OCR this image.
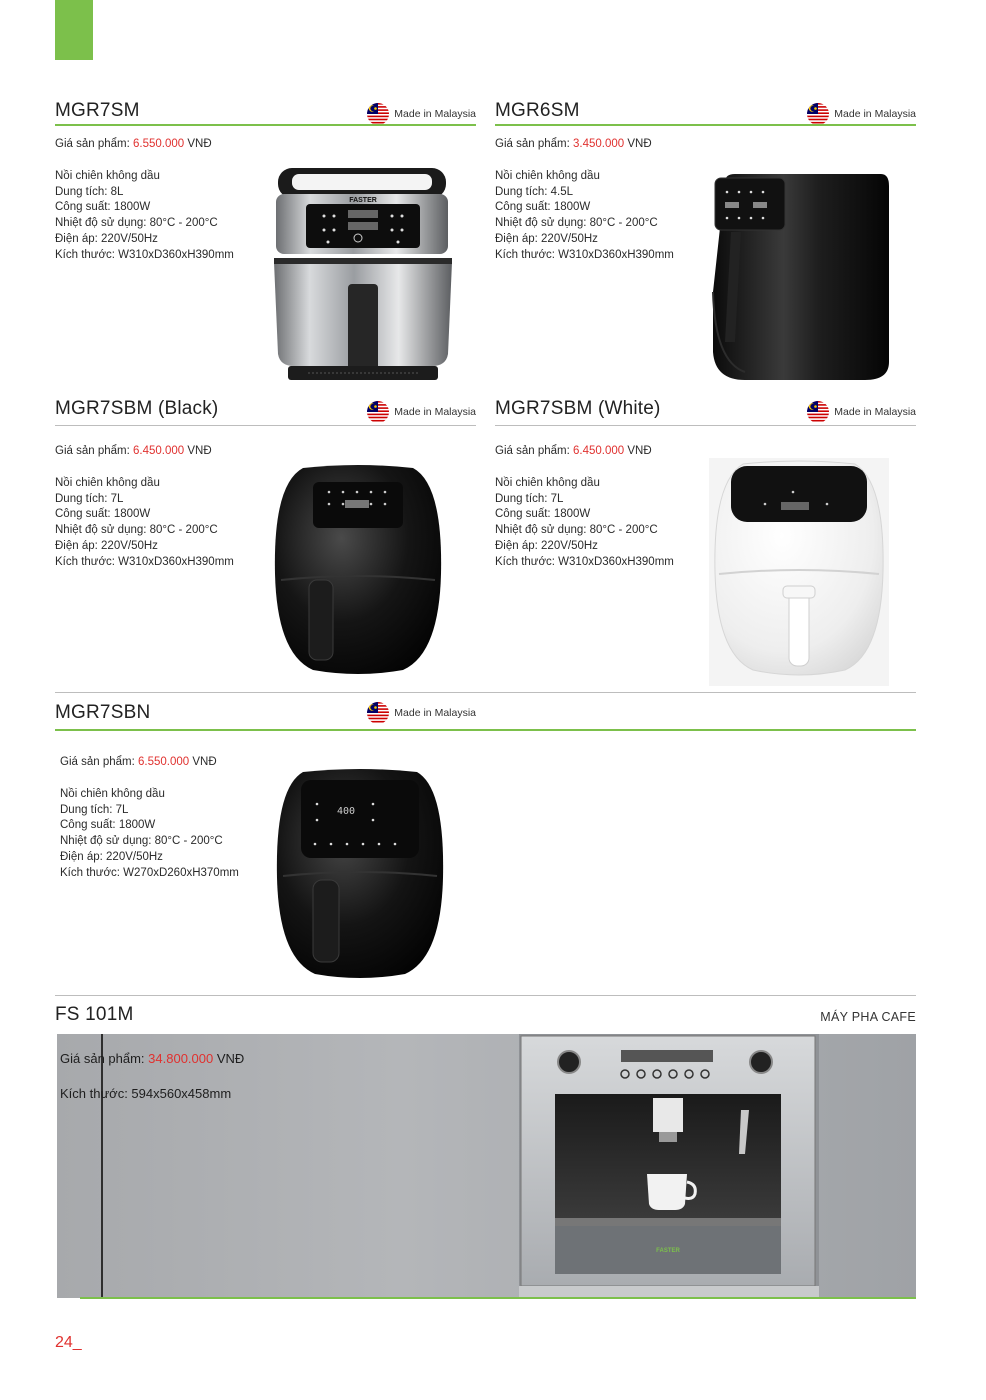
MGR7SM	Made in Malaysia
Giá sản phẩm: 6.550.000 VNĐ
Nồi chiên không dầu
Dung tích: 8L
Công suất: 1800W
Nhiệt độ sử dụng: 80°C - 200°C
Điện áp: 220V/50Hz
Kích thước: W310xD360xH390mm
FASTER
MGR6SM	Made in Malaysia
Giá sản phẩm: 3.450.000 VNĐ
Nồi chiên không dầu
Dung tích: 4.5L
Công suất: 1800W
Nhiệt độ sử dụng: 80°C - 200°C
Điện áp: 220V/50Hz
Kích thước: W310xD360xH390mm
MGR7SBM (Black)	Made in Malaysia
Giá sản phẩm: 6.450.000 VNĐ
Nồi chiên không dầu
Dung tích: 7L
Công suất: 1800W
Nhiệt độ sử dụng: 80°C - 200°C
Điện áp: 220V/50Hz
Kích thước: W310xD360xH390mm
MGR7SBM (White)	Made in Malaysia
Giá sản phẩm: 6.450.000 VNĐ
Nồi chiên không dầu
Dung tích: 7L
Công suất: 1800W
Nhiệt độ sử dụng: 80°C - 200°C
Điện áp: 220V/50Hz
Kích thước: W310xD360xH390mm
MGR7SBN	Made in Malaysia
Giá sản phẩm: 6.550.000 VNĐ
Nồi chiên không dầu
Dung tích: 7L
Công suất: 1800W
Nhiệt độ sử dụng: 80°C - 200°C
Điện áp: 220V/50Hz
Kích thước: W270xD260xH370mm
400
FS 101M	MÁY PHA CAFE
Giá sản phẩm: 34.800.000 VNĐ
Kích thước: 594x560x458mm
FASTER
24_
